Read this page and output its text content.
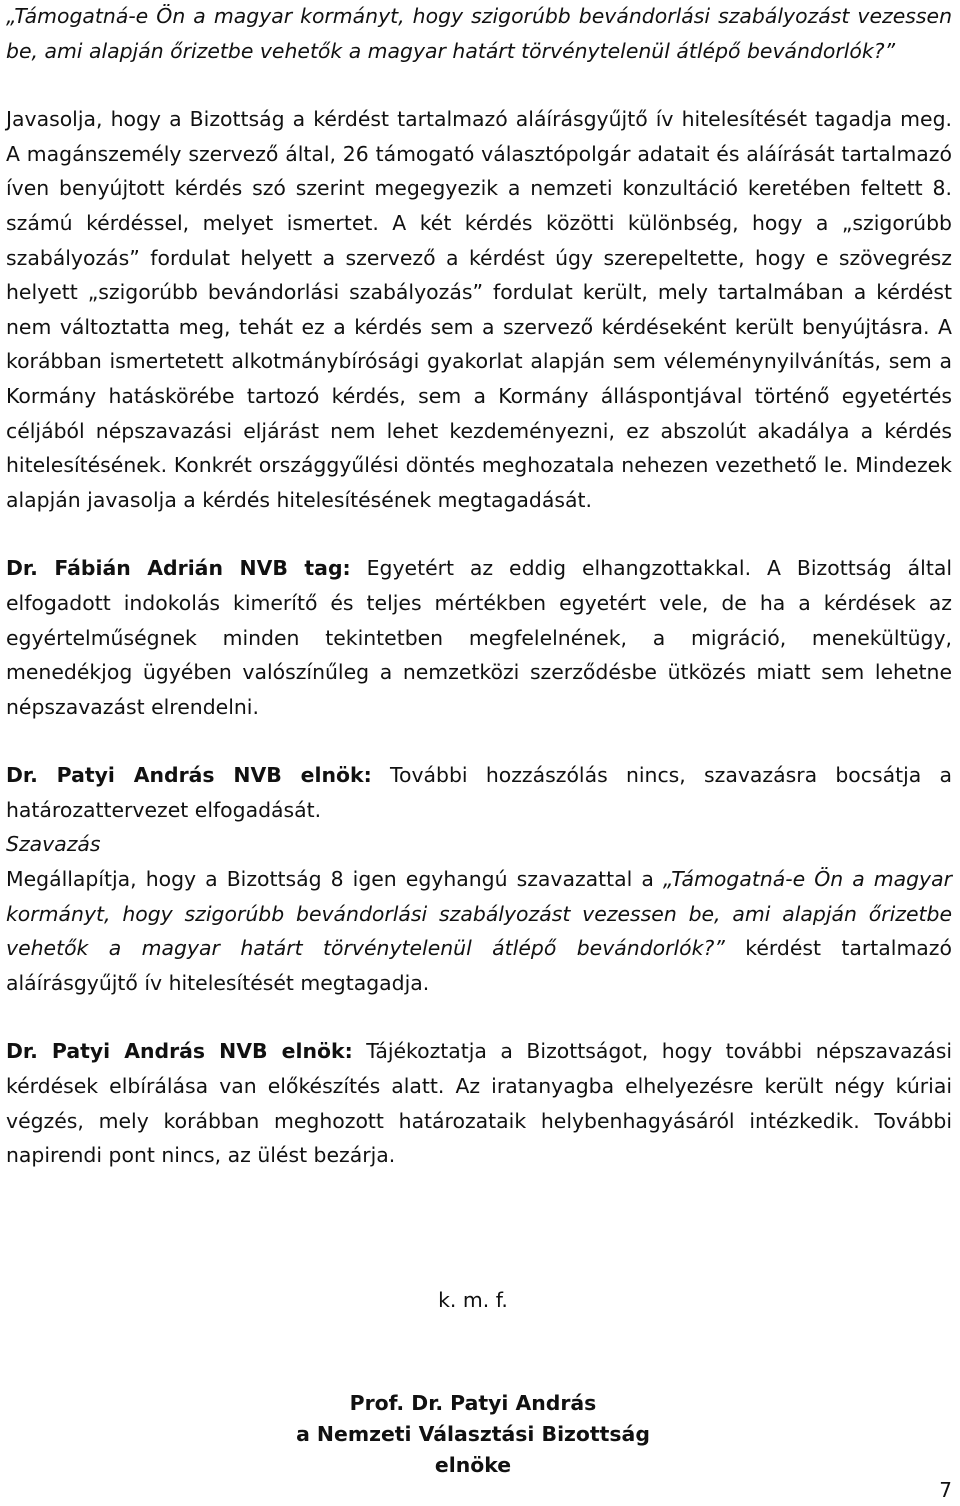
„Támogatná-e Ön a magyar kormányt, hogy szigorúbb bevándorlási szabályozást vezessen be, ami alapján őrizetbe vehetők a magyar határt törvénytelenül átlépő bevándorlók?”

Javasolja, hogy a Bizottság a kérdést tartalmazó aláírásgyűjtő ív hitelesítését tagadja meg. A magánszemély szervező által, 26 támogató választópolgár adatait és aláírását tartalmazó íven benyújtott kérdés szó szerint megegyezik a nemzeti konzultáció keretében feltett 8. számú kérdéssel, melyet ismertet. A két kérdés közötti különbség, hogy a „szigorúbb szabályozás” fordulat helyett a szervező a kérdést úgy szerepeltette, hogy e szövegrész helyett „szigorúbb bevándorlási szabályozás” fordulat került, mely tartalmában a kérdést nem változtatta meg, tehát ez a kérdés sem a szervező kérdéseként került benyújtásra. A korábban ismertetett alkotmánybírósági gyakorlat alapján sem véleménynyilvánítás, sem a Kormány hatáskörébe tartozó kérdés, sem a Kormány álláspontjával történő egyetértés céljából népszavazási eljárást nem lehet kezdeményezni, ez abszolút akadálya a kérdés hitelesítésének. Konkrét országgyűlési döntés meghozatala nehezen vezethető le. Mindezek alapján javasolja a kérdés hitelesítésének megtagadását.

Dr. Fábián Adrián NVB tag: Egyetért az eddig elhangzottakkal. A Bizottság által elfogadott indokolás kimerítő és teljes mértékben egyetért vele, de ha a kérdések az egyértelműségnek minden tekintetben megfelelnének, a migráció, menekültügy, menedékjog ügyében valószínűleg a nemzetközi szerződésbe ütközés miatt sem lehetne népszavazást elrendelni.

Dr. Patyi András NVB elnök: További hozzászólás nincs, szavazásra bocsátja a határozattervezet elfogadását.

Szavazás

Megállapítja, hogy a Bizottság 8 igen egyhangú szavazattal a „Támogatná-e Ön a magyar kormányt, hogy szigorúbb bevándorlási szabályozást vezessen be, ami alapján őrizetbe vehetők a magyar határt törvénytelenül átlépő bevándorlók?” kérdést tartalmazó aláírásgyűjtő ív hitelesítését megtagadja.

Dr. Patyi András NVB elnök: Tájékoztatja a Bizottságot, hogy további népszavazási kérdések elbírálása van előkészítés alatt. Az iratanyagba elhelyezésre került négy kúriai végzés, mely korábban meghozott határozataik helybenhagyásáról intézkedik. További napirendi pont nincs, az ülést bezárja.

k. m. f.
Prof. Dr. Patyi András
a Nemzeti Választási Bizottság
elnöke
7
